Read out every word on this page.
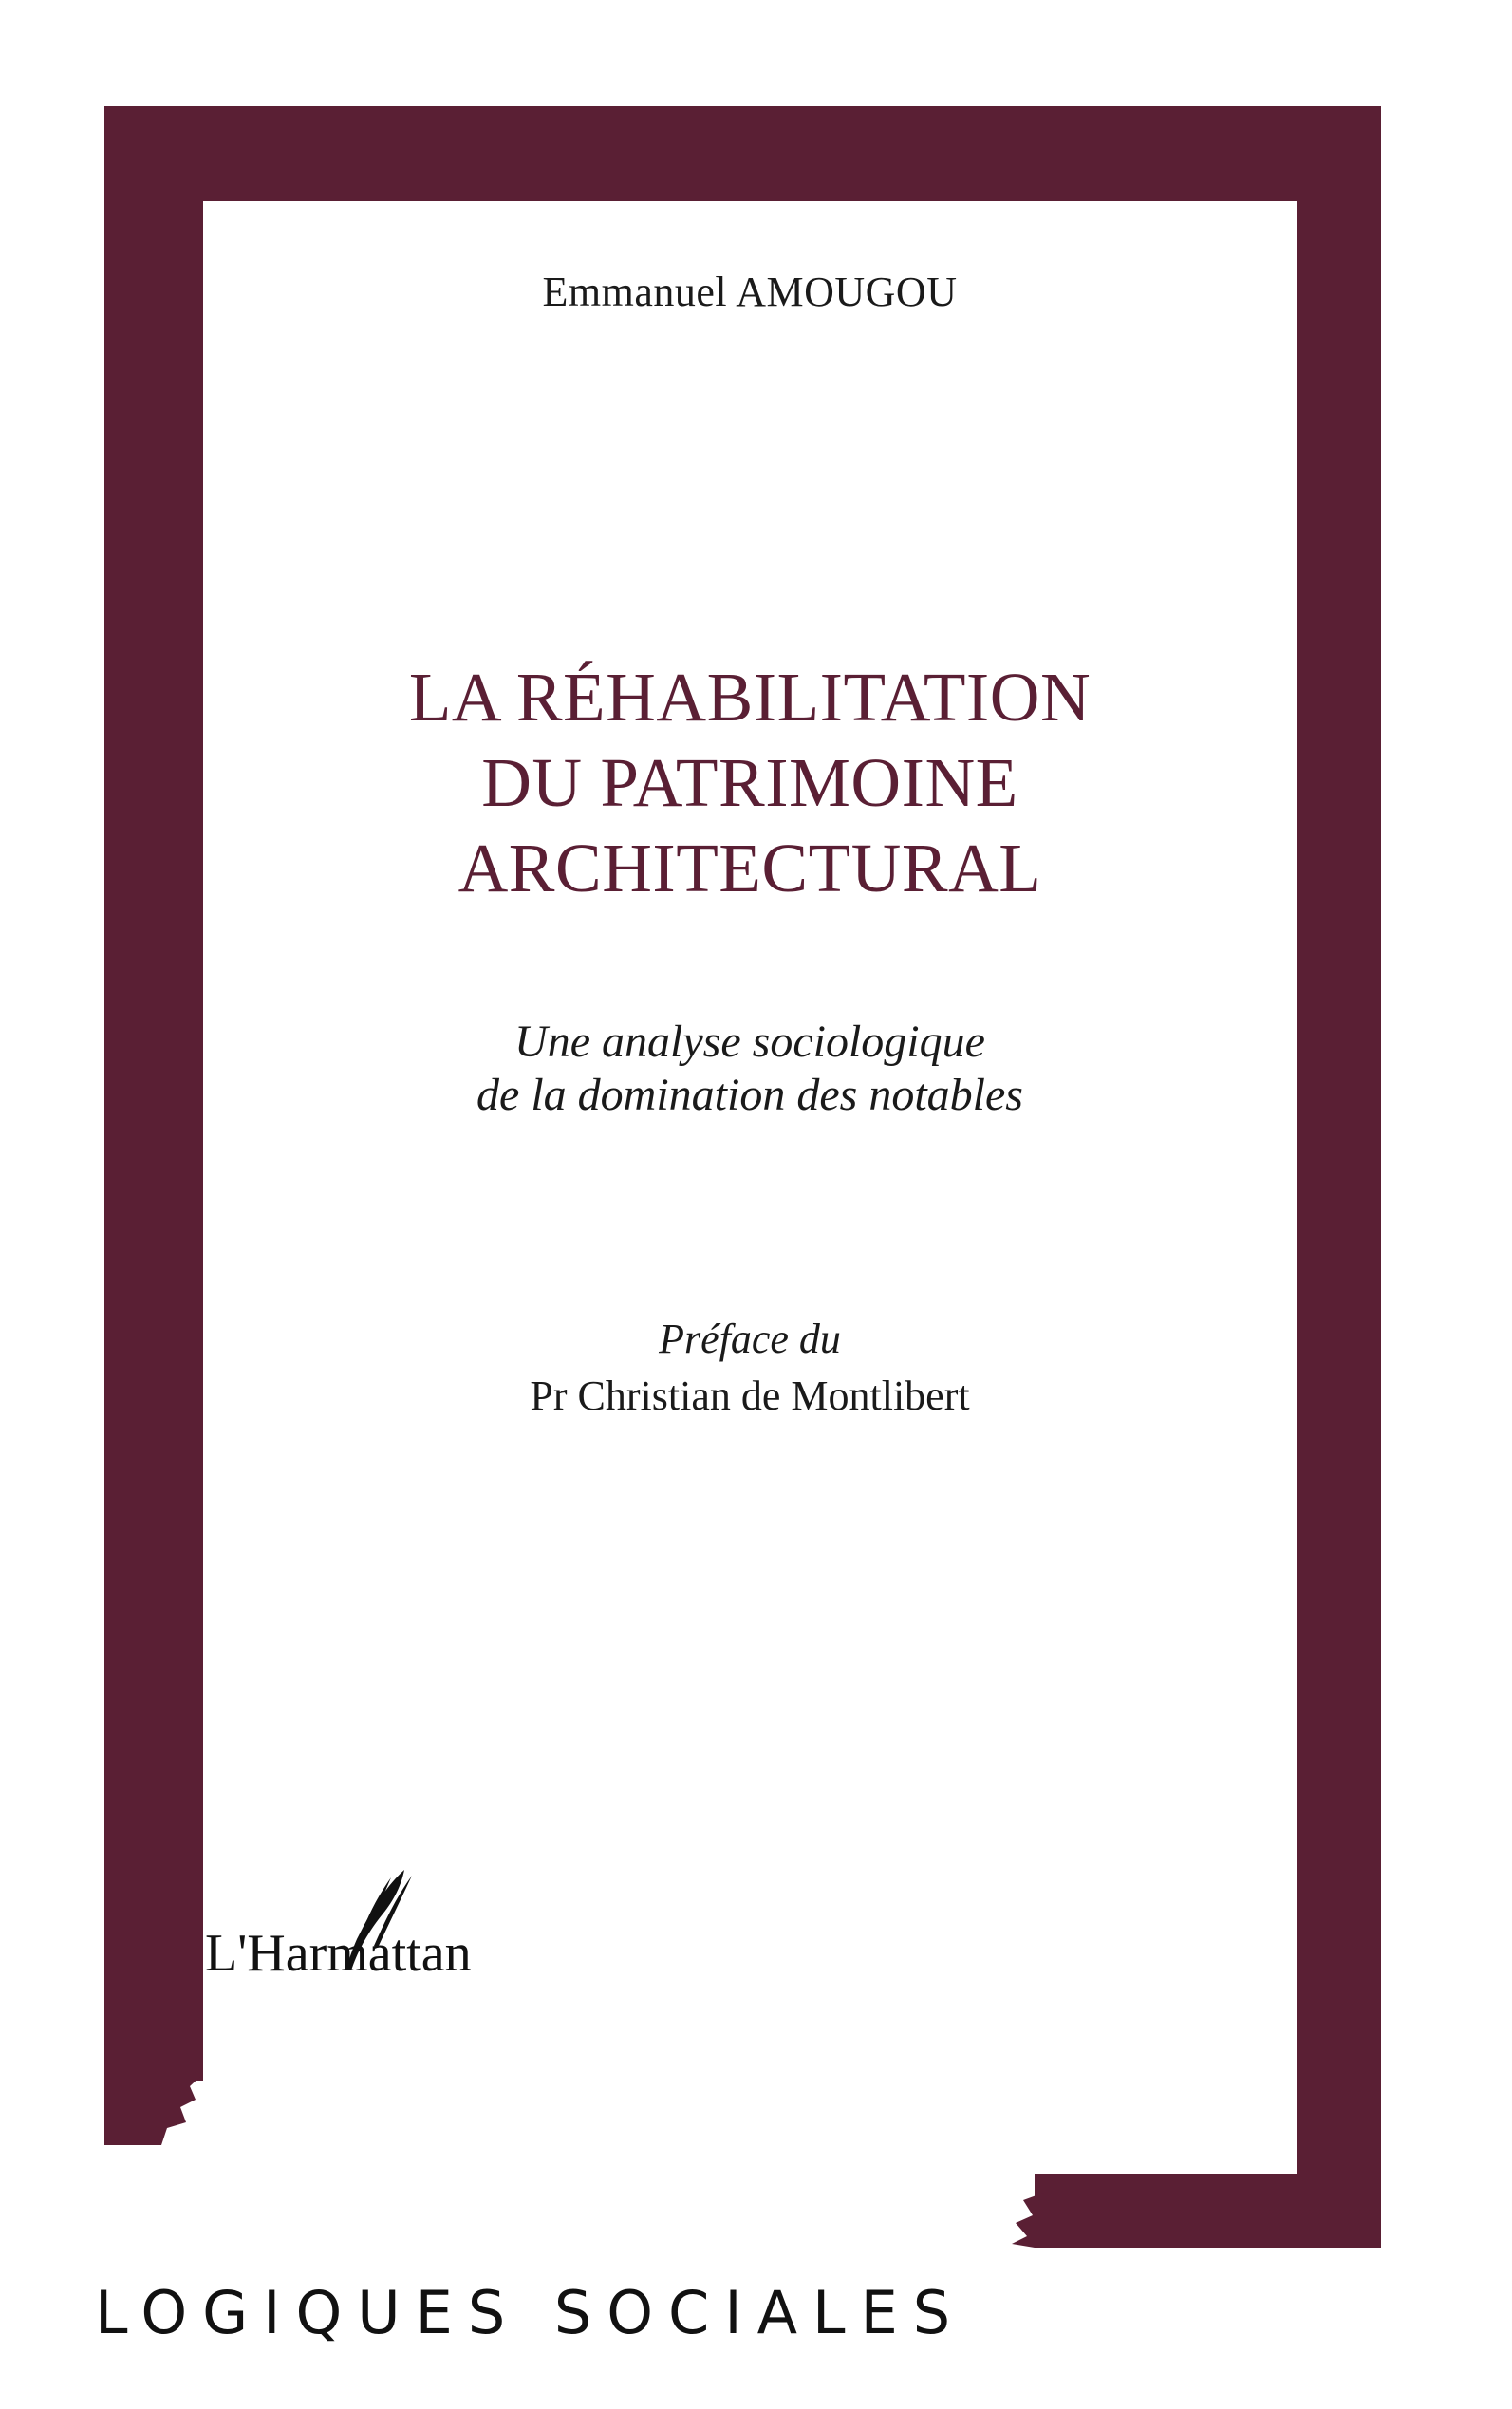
Emmanuel AMOUGOU
LA RÉHABILITATION
DU PATRIMOINE
ARCHITECTURAL
Une analyse sociologique
de la domination des notables
Préface du
Pr Christian de Montlibert
L'Harmattan
LOGIQUES SOCIALES
